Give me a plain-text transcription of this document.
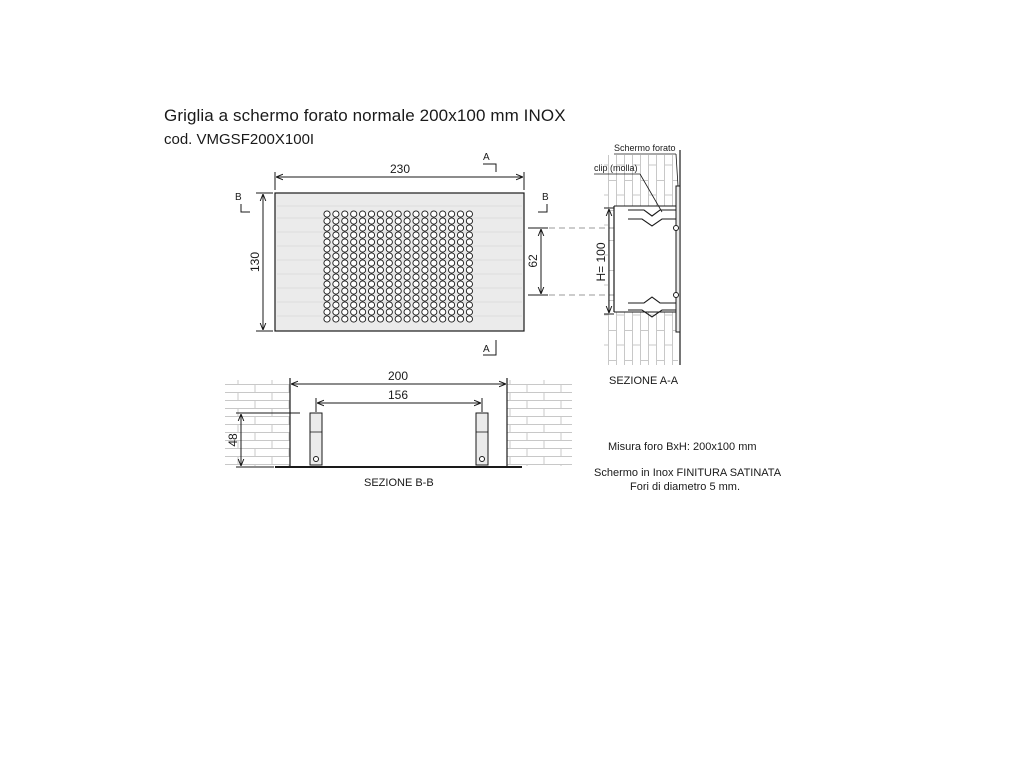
Griglia a schermo forato normale 200x100 mm INOX
cod. VMGSF200X100I
230
130	62
A
A
B	B
H= 100
Schermo forato
clip (molla)
SEZIONE A-A
200
156
48
SEZIONE B-B
Misura foro BxH: 200x100 mm
Schermo in Inox FINITURA SATINATA
Fori di diametro 5 mm.
